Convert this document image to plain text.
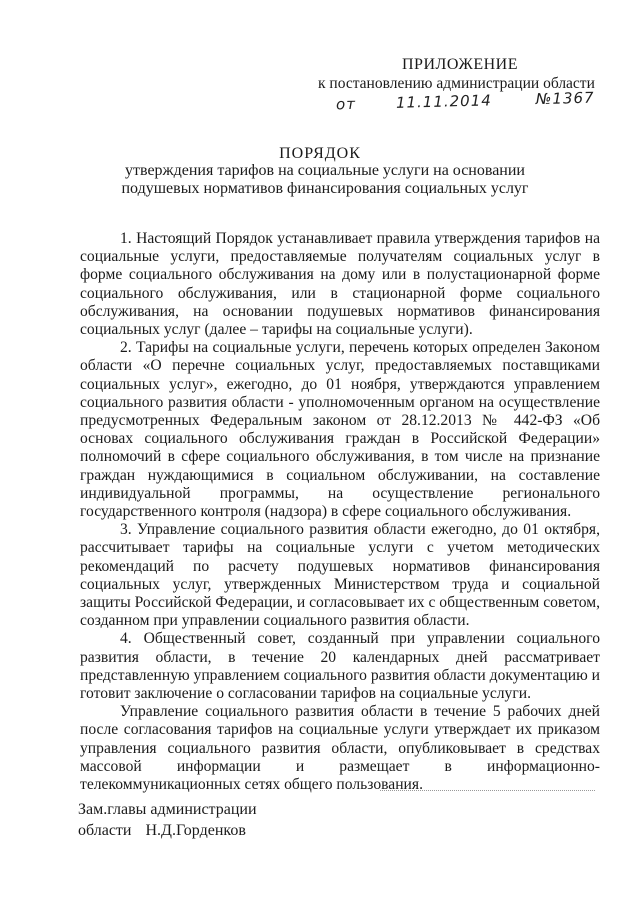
ПРИЛОЖЕНИЕ
к постановлению администрации области
от	11.11.2014	№1367
ПОРЯДОК
утверждения тарифов на социальные услуги на основании подушевых нормативов финансирования социальных услуг

1. Настоящий Порядок устанавливает правила утверждения тарифов на социальные услуги, предоставляемые получателям социальных услуг в форме социального обслуживания на дому или в полустационарной форме социального обслуживания, или в стационарной форме социального обслуживания, на основании подушевых нормативов финансирования социальных услуг (далее – тарифы на социальные услуги).

2. Тарифы на социальные услуги, перечень которых определен Законом области «О перечне социальных услуг, предоставляемых поставщиками социальных услуг», ежегодно, до 01 ноября, утверждаются управлением социального развития области - уполномоченным органом на осуществление предусмотренных Федеральным законом от 28.12.2013 № 442-ФЗ «Об основах социального обслуживания граждан в Российской Федерации» полномочий в сфере социального обслуживания, в том числе на признание граждан нуждающимися в социальном обслуживании, на составление индивидуальной программы, на осуществление регионального государственного контроля (надзора) в сфере социального обслуживания.

3. Управление социального развития области ежегодно, до 01 октября, рассчитывает тарифы на социальные услуги с учетом методических рекомендаций по расчету подушевых нормативов финансирования социальных услуг, утвержденных Министерством труда и социальной защиты Российской Федерации, и согласовывает их с общественным советом, созданном при управлении социального развития области.

4. Общественный совет, созданный при управлении социального развития области, в течение 20 календарных дней рассматривает представленную управлением социального развития области документацию и готовит заключение о согласовании тарифов на социальные услуги.

Управление социального развития области в течение 5 рабочих дней после согласования тарифов на социальные услуги утверждает их приказом управления социального развития области, опубликовывает в средствах массовой информации и размещает в информационно-телекоммуникационных сетях общего пользования.

Зам.главы администрации
области Н.Д.Горденков
